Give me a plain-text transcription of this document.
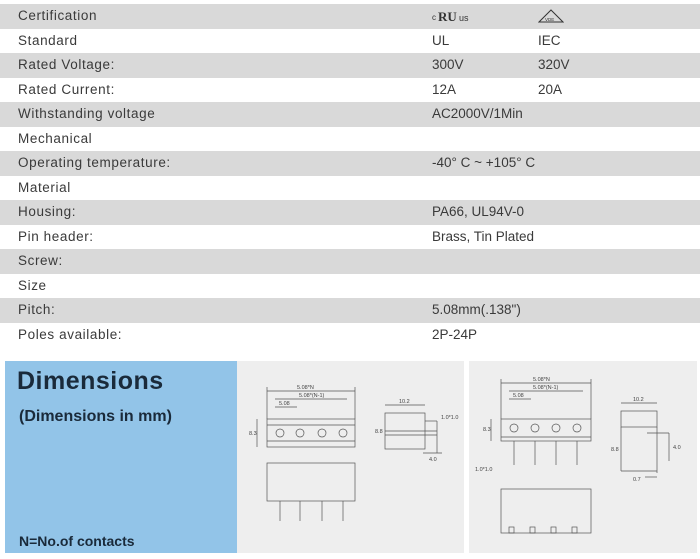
Certification	c RU us	VDE
Standard	UL	IEC
Rated Voltage:	300V	320V
Rated Current:	12A	20A
Withstanding voltage	AC2000V/1Min
Mechanical
Operating temperature:	-40° C ~ +105° C
Material
Housing:	PA66, UL94V-0
Pin header:	Brass, Tin Plated
Screw:
Size
Pitch:	5.08mm(.138")
Poles available:	2P-24P
Dimensions
(Dimensions in mm)
N=No.of contacts
5.08*N
5.08*(N-1)
5.08
8.3
10.2
1.0*1.0
8.8
4.0
5.08*N
5.08*(N-1)
5.08
8.3
1.0*1.0
10.2
8.8	4.0
0.7
